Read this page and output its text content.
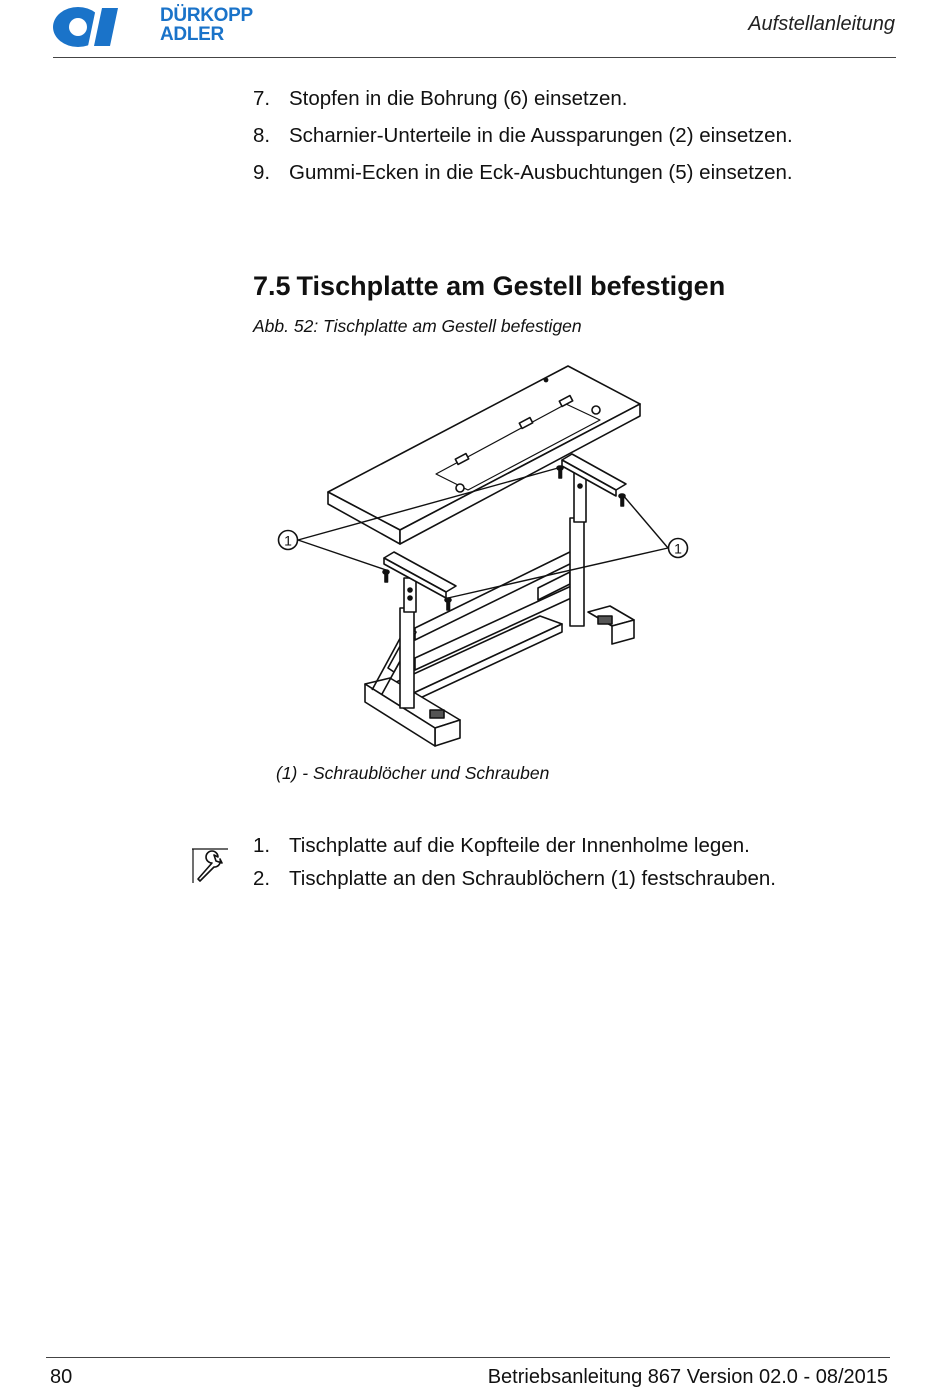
DÜRKOPP
ADLER	Aufstellanleitung
7. Stopfen in die Bohrung (6) einsetzen.
8. Scharnier-Unterteile in die Aussparungen (2) einsetzen.
9. Gummi-Ecken in die Eck-Ausbuchtungen (5) einsetzen.
7.5 Tischplatte am Gestell befestigen
Abb. 52: Tischplatte am Gestell befestigen
1	1
(1) - Schraublöcher und Schrauben
1. Tischplatte auf die Kopfteile der Innenholme legen.
2. Tischplatte an den Schraublöchern (1) festschrauben.
80	Betriebsanleitung 867 Version 02.0 - 08/2015
